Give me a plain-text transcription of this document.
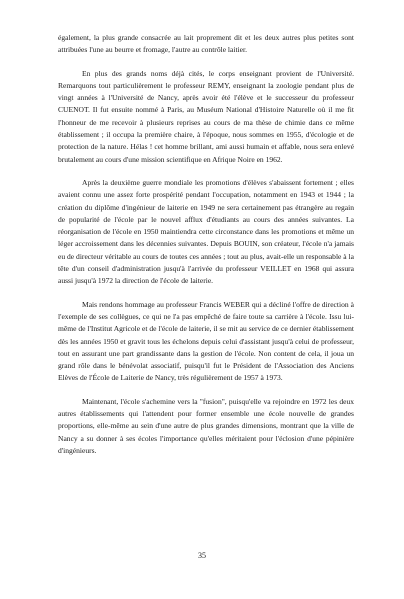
également, la plus grande consacrée au lait proprement dit et les deux autres plus petites sont attribuées l'une au beurre et fromage, l'autre au contrôle laitier.

En plus des grands noms déjà cités, le corps enseignant provient de l'Université. Remarquons tout particulièrement le professeur REMY, enseignant la zoologie pendant plus de vingt années à l'Université de Nancy, après avoir été l'élève et le successeur du professeur CUENOT. Il fut ensuite nommé à Paris, au Muséum National d'Histoire Naturelle où il me fit l'honneur de me recevoir à plusieurs reprises au cours de ma thèse de chimie dans ce même établissement ; il occupa la première chaire, à l'époque, nous sommes en 1955, d'écologie et de protection de la nature. Hélas ! cet homme brillant, ami aussi humain et affable, nous sera enlevé brutalement au cours d'une mission scientifique en Afrique Noire en 1962.

Après la deuxième guerre mondiale les promotions d'élèves s'abaissent fortement ; elles avaient connu une assez forte prospérité pendant l'occupation, notamment en 1943 et 1944 ; la création du diplôme d'ingénieur de laiterie en 1949 ne sera certainement pas étrangère au regain de popularité de l'école par le nouvel afflux d'étudiants au cours des années suivantes. La réorganisation de l'école en 1950 maintiendra cette circonstance dans les promotions et même un léger accroissement dans les décennies suivantes. Depuis BOUIN, son créateur, l'école n'a jamais eu de directeur véritable au cours de toutes ces années ; tout au plus, avait-elle un responsable à la tête d'un conseil d'administration jusqu'à l'arrivée du professeur VEILLET en 1968 qui assura aussi jusqu'à 1972 la direction de l'école de laiterie.

Mais rendons hommage au professeur Francis WEBER qui a décliné l'offre de direction à l'exemple de ses collègues, ce qui ne l'a pas empêché de faire toute sa carrière à l'école. Issu lui-même de l'Institut Agricole et de l'école de laiterie, il se mit au service de ce dernier établissement dès les années 1950 et gravit tous les échelons depuis celui d'assistant jusqu'à celui de professeur, tout en assurant une part grandissante dans la gestion de l'école. Non content de cela, il joua un grand rôle dans le bénévolat associatif, puisqu'il fut le Président de l'Association des Anciens Elèves de l'École de Laiterie de Nancy, très régulièrement de 1957 à 1973.

Maintenant, l'école s'achemine vers la "fusion", puisqu'elle va rejoindre en 1972 les deux autres établissements qui l'attendent pour former ensemble une école nouvelle de grandes proportions, elle-même au sein d'une autre de plus grandes dimensions, montrant que la ville de Nancy a su donner à ses écoles l'importance qu'elles méritaient pour l'éclosion d'une pépinière d'ingénieurs.

35
